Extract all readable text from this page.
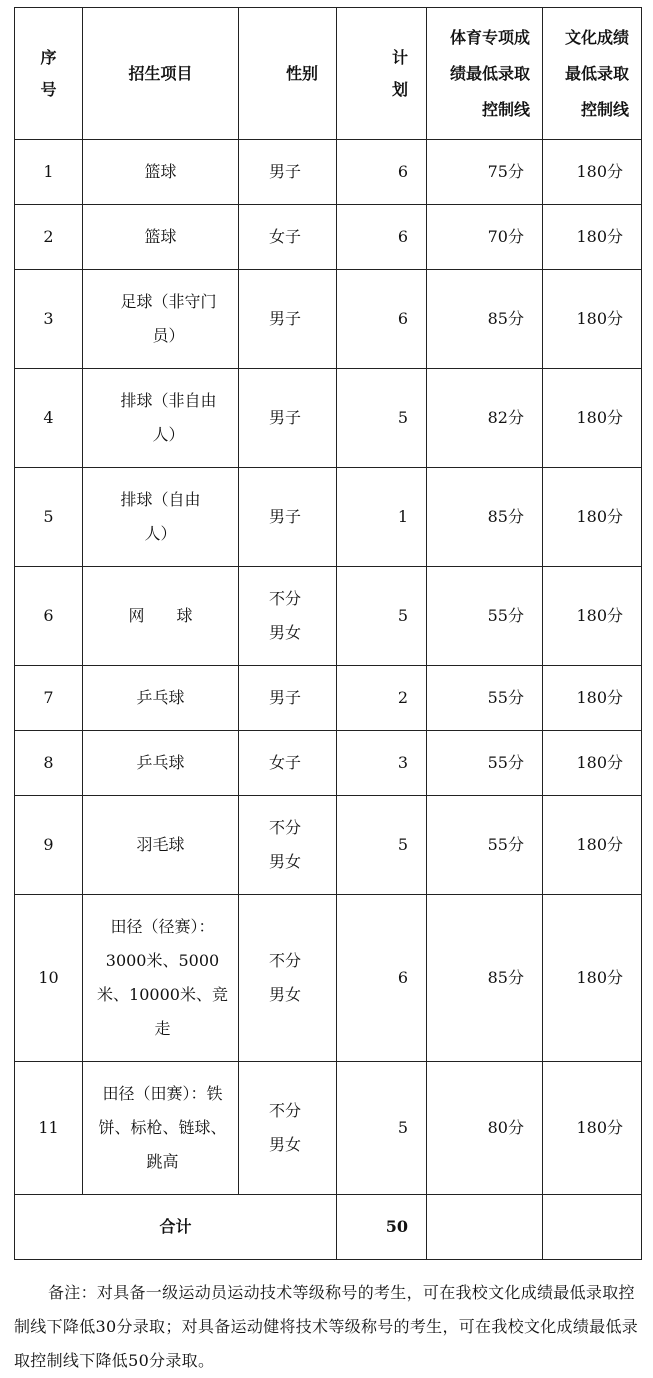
序号	招生项目	性别	计划	体育专项成绩最低录取控制线	文化成绩最低录取控制线
1	篮球	男子	6	75分	180分
2	篮球	女子	6	70分	180分
3	足球（非守门员）	男子	6	85分	180分
4	排球（非自由人）	男子	5	82分	180分
5	排球（自由人）	男子	1	85分	180分
6	网　　球	不分男女	5	55分	180分
7	乒乓球	男子	2	55分	180分
8	乒乓球	女子	3	55分	180分
9	羽毛球	不分男女	5	55分	180分
10	田径（径赛）：3000米、5000米、10000米、竞走	不分男女	6	85分	180分
11	田径（田赛）：铁饼、标枪、链球、跳高	不分男女	5	80分	180分
合计			50		

备注：对具备一级运动员运动技术等级称号的考生，可在我校文化成绩最低录取控制线下降低30分录取；对具备运动健将技术等级称号的考生，可在我校文化成绩最低录取控制线下降低50分录取。
